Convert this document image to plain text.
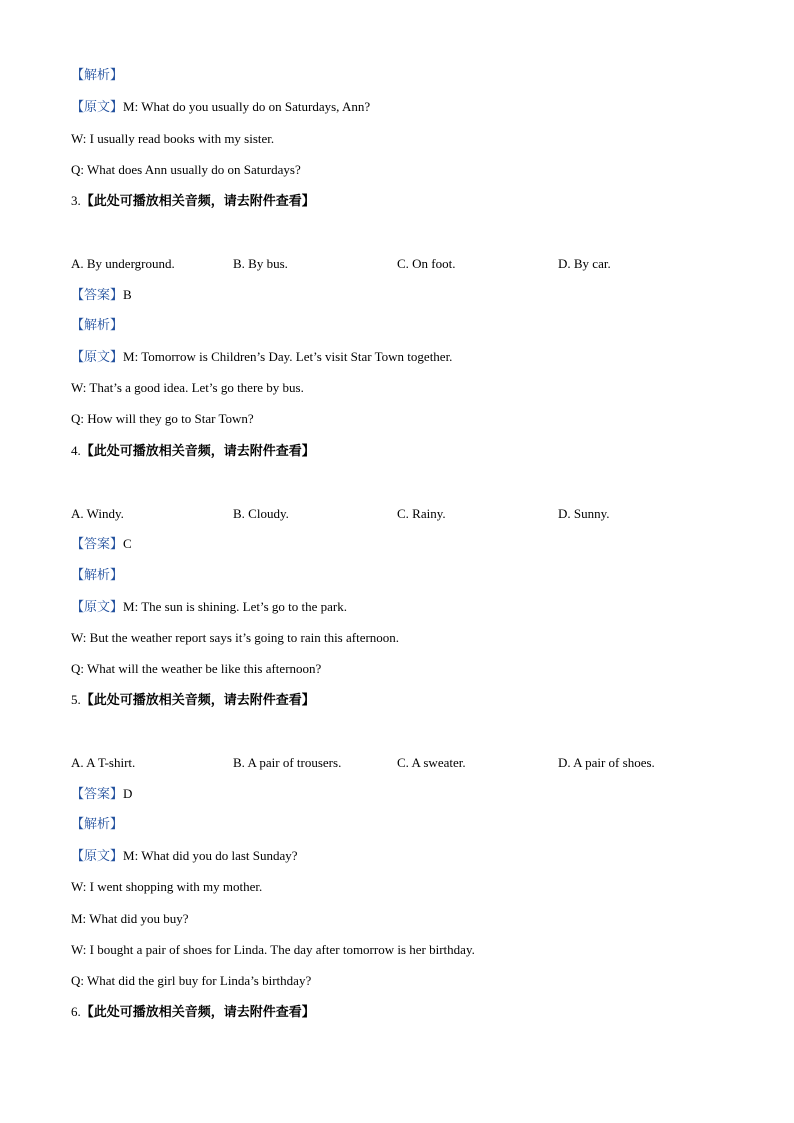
【解析】
【原文】M: What do you usually do on Saturdays, Ann?
W: I usually read books with my sister.
Q: What does Ann usually do on Saturdays?
3.【此处可播放相关音频，请去附件查看】
A. By underground.	B. By bus.	C. On foot.	D. By car.
【答案】B
【解析】
【原文】M: Tomorrow is Children’s Day. Let’s visit Star Town together.
W: That’s a good idea. Let’s go there by bus.
Q: How will they go to Star Town?
4.【此处可播放相关音频，请去附件查看】
A. Windy.	B. Cloudy.	C. Rainy.	D. Sunny.
【答案】C
【解析】
【原文】M: The sun is shining. Let’s go to the park.
W: But the weather report says it’s going to rain this afternoon.
Q: What will the weather be like this afternoon?
5.【此处可播放相关音频，请去附件查看】
A. A T-shirt.	B. A pair of trousers.	C. A sweater.	D. A pair of shoes.
【答案】D
【解析】
【原文】M: What did you do last Sunday?
W: I went shopping with my mother.
M: What did you buy?
W: I bought a pair of shoes for Linda. The day after tomorrow is her birthday.
Q: What did the girl buy for Linda’s birthday?
6.【此处可播放相关音频，请去附件查看】
